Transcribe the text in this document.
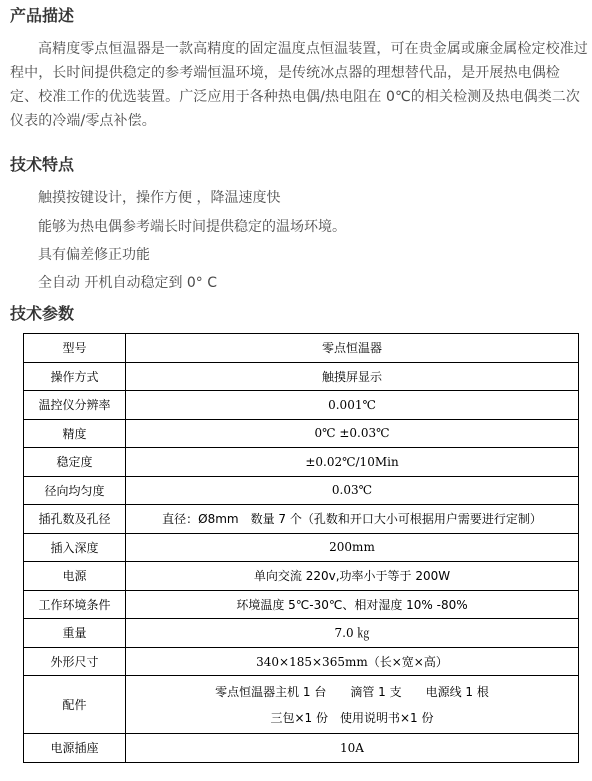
产品描述

高精度零点恒温器是一款高精度的固定温度点恒温装置，可在贵金属或廉金属检定校准过程中，长时间提供稳定的参考端恒温环境，是传统冰点器的理想替代品，是开展热电偶检定、校准工作的优选装置。广泛应用于各种热电偶/热电阻在 0℃的相关检测及热电偶类二次仪表的冷端/零点补偿。

技术特点

触摸按键设计，操作方便 ，降温速度快

能够为热电偶参考端长时间提供稳定的温场环境。

具有偏差修正功能

全自动 开机自动稳定到 0° C

技术参数
型号	零点恒温器
操作方式	触摸屏显示
温控仪分辨率	0.001℃
精度	0℃ ±0.03℃
稳定度	±0.02℃/10Min
径向均匀度	0.03℃
插孔数及孔径	直径：Ø8mm　数量 7 个（孔数和开口大小可根据用户需要进行定制）
插入深度	200mm
电源	单向交流 220v,功率小于等于 200W
工作环境条件	环境温度 5℃-30℃、相对湿度 10% -80%
重量	7.0 ㎏
外形尺寸	340×185×365mm（长×宽×高）
配件	零点恒温器主机 1 台　　滴管 1 支　　电源线 1 根
三包×1 份　使用说明书×1 份

电源插座	10A
